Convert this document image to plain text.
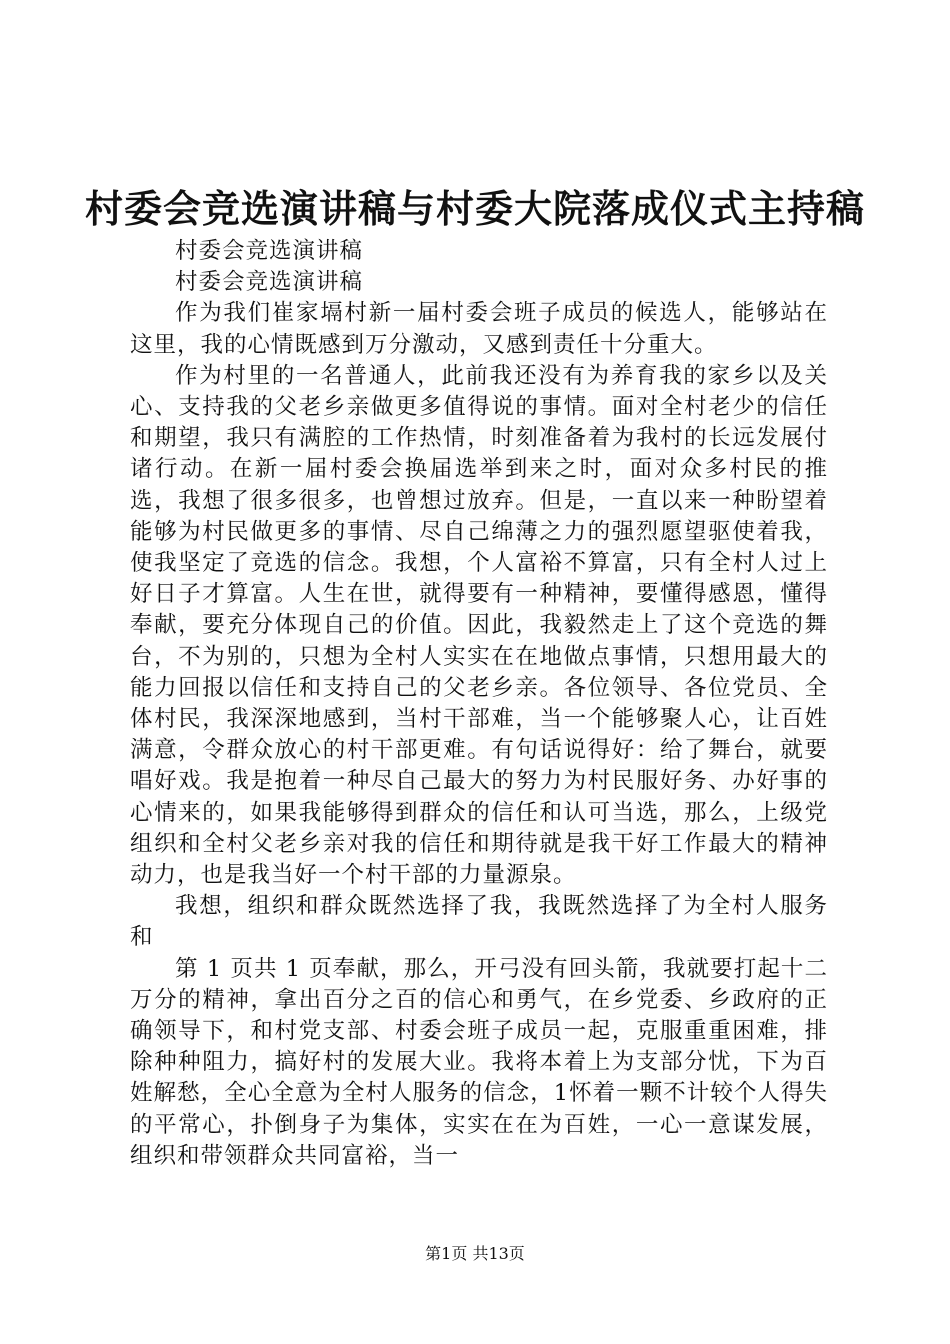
村委会竞选演讲稿与村委大院落成仪式主持稿

村委会竞选演讲稿

村委会竞选演讲稿

作为我们崔家塥村新一届村委会班子成员的候选人，能够站在这里，我的心情既感到万分激动，又感到责任十分重大。

作为村里的一名普通人，此前我还没有为养育我的家乡以及关心、支持我的父老乡亲做更多值得说的事情。面对全村老少的信任和期望，我只有满腔的工作热情，时刻准备着为我村的长远发展付诸行动。在新一届村委会换届选举到来之时，面对众多村民的推选，我想了很多很多，也曾想过放弃。但是，一直以来一种盼望着能够为村民做更多的事情、尽自己绵薄之力的强烈愿望驱使着我，使我坚定了竞选的信念。我想，个人富裕不算富，只有全村人过上好日子才算富。人生在世，就得要有一种精神，要懂得感恩，懂得奉献，要充分体现自己的价值。因此，我毅然走上了这个竞选的舞台，不为别的，只想为全村人实实在在地做点事情，只想用最大的能力回报以信任和支持自己的父老乡亲。各位领导、各位党员、全体村民，我深深地感到，当村干部难，当一个能够聚人心，让百姓满意，令群众放心的村干部更难。有句话说得好：给了舞台，就要唱好戏。我是抱着一种尽自己最大的努力为村民服好务、办好事的心情来的，如果我能够得到群众的信任和认可当选，那么，上级党组织和全村父老乡亲对我的信任和期待就是我干好工作最大的精神动力，也是我当好一个村干部的力量源泉。

我想，组织和群众既然选择了我，我既然选择了为全村人服务和

第 1 页共 1 页奉献，那么，开弓没有回头箭，我就要打起十二万分的精神，拿出百分之百的信心和勇气，在乡党委、乡政府的正确领导下，和村党支部、村委会班子成员一起，克服重重困难，排除种种阻力，搞好村的发展大业。我将本着上为支部分忧，下为百姓解愁，全心全意为全村人服务的信念，1怀着一颗不计较个人得失的平常心，扑倒身子为集体，实实在在为百姓，一心一意谋发展，组织和带领群众共同富裕，当一

第1页 共13页
